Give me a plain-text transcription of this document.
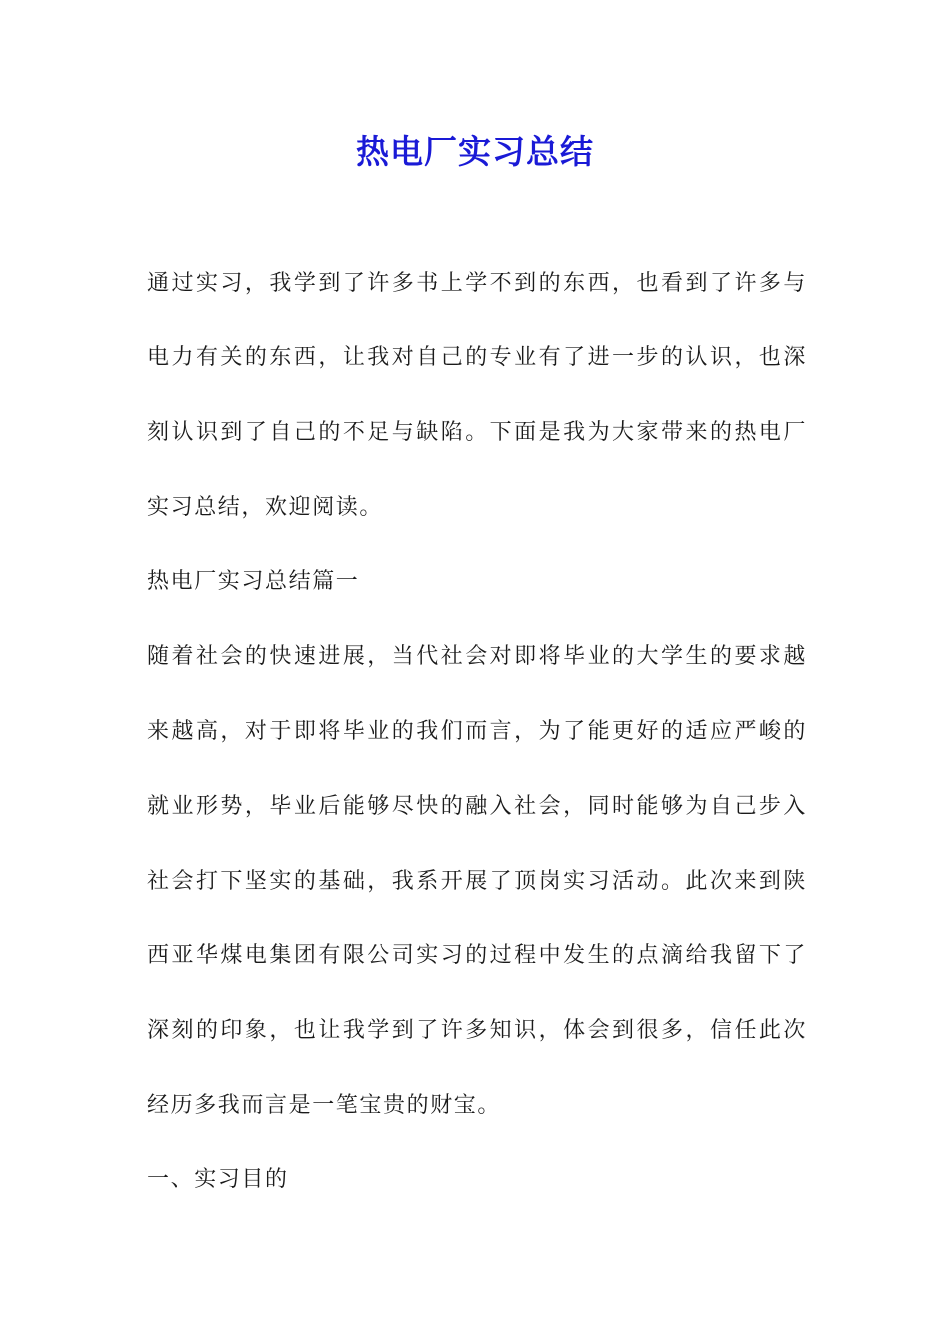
热电厂实习总结

通过实习，我学到了许多书上学不到的东西，也看到了许多与

电力有关的东西，让我对自己的专业有了进一步的认识，也深

刻认识到了自己的不足与缺陷。下面是我为大家带来的热电厂

实习总结，欢迎阅读。

热电厂实习总结篇一

随着社会的快速进展，当代社会对即将毕业的大学生的要求越

来越高，对于即将毕业的我们而言，为了能更好的适应严峻的

就业形势，毕业后能够尽快的融入社会，同时能够为自己步入

社会打下坚实的基础，我系开展了顶岗实习活动。此次来到陕

西亚华煤电集团有限公司实习的过程中发生的点滴给我留下了

深刻的印象，也让我学到了许多知识，体会到很多，信任此次

经历多我而言是一笔宝贵的财宝。

一、实习目的
